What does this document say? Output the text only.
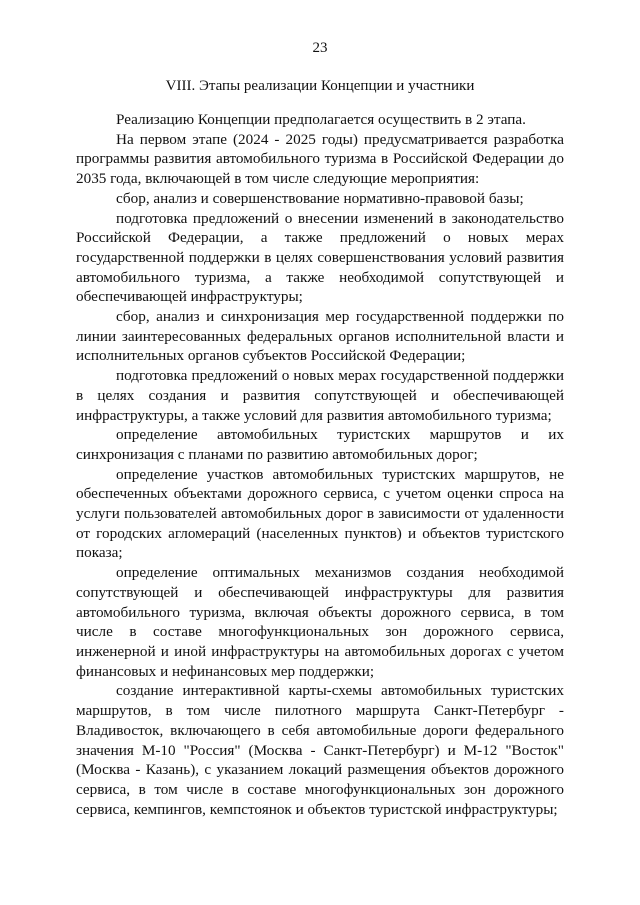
23
VIII. Этапы реализации Концепции и участники

Реализацию Концепции предполагается осуществить в 2 этапа.

На первом этапе (2024 - 2025 годы) предусматривается разработка программы развития автомобильного туризма в Российской Федерации до 2035 года, включающей в том числе следующие мероприятия:

сбор, анализ и совершенствование нормативно-правовой базы;

подготовка предложений о внесении изменений в законодательство Российской Федерации, а также предложений о новых мерах государственной поддержки в целях совершенствования условий развития автомобильного туризма, а также необходимой сопутствующей и обеспечивающей инфраструктуры;

сбор, анализ и синхронизация мер государственной поддержки по линии заинтересованных федеральных органов исполнительной власти и исполнительных органов субъектов Российской Федерации;

подготовка предложений о новых мерах государственной поддержки в целях создания и развития сопутствующей и обеспечивающей инфраструктуры, а также условий для развития автомобильного туризма;

определение автомобильных туристских маршрутов и их синхронизация с планами по развитию автомобильных дорог;

определение участков автомобильных туристских маршрутов, не обеспеченных объектами дорожного сервиса, с учетом оценки спроса на услуги пользователей автомобильных дорог в зависимости от удаленности от городских агломераций (населенных пунктов) и объектов туристского показа;

определение оптимальных механизмов создания необходимой сопутствующей и обеспечивающей инфраструктуры для развития автомобильного туризма, включая объекты дорожного сервиса, в том числе в составе многофункциональных зон дорожного сервиса, инженерной и иной инфраструктуры на автомобильных дорогах с учетом финансовых и нефинансовых мер поддержки;

создание интерактивной карты-схемы автомобильных туристских маршрутов, в том числе пилотного маршрута Санкт-Петербург - Владивосток, включающего в себя автомобильные дороги федерального значения М-10 "Россия" (Москва - Санкт-Петербург) и М-12 "Восток" (Москва - Казань), с указанием локаций размещения объектов дорожного сервиса, в том числе в составе многофункциональных зон дорожного сервиса, кемпингов, кемпстоянок и объектов туристской инфраструктуры;
